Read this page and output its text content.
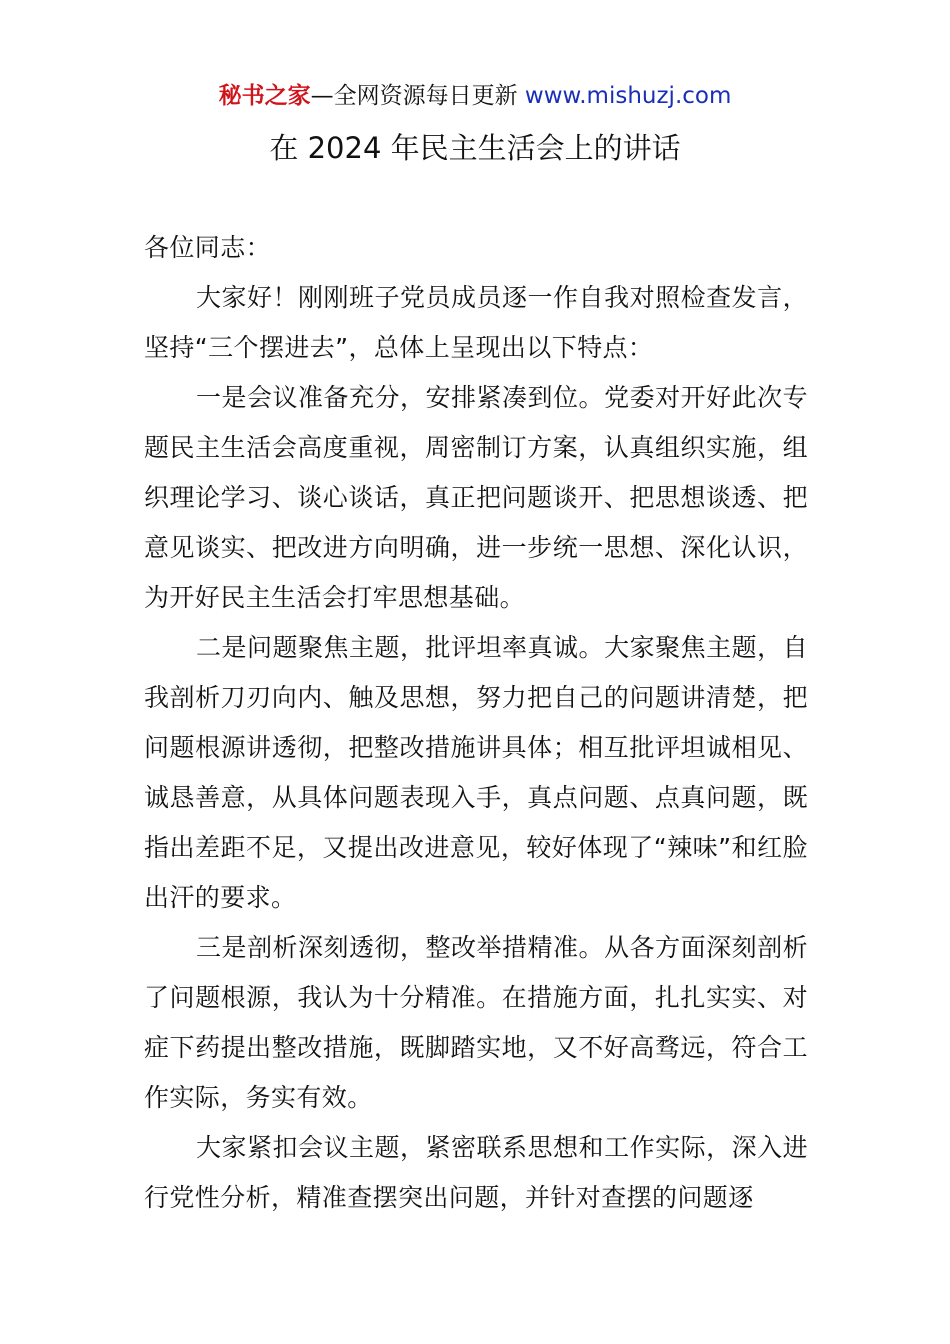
秘书之家—全网资源每日更新 www.mishuzj.com
在 2024 年民主生活会上的讲话

各位同志：

大家好！刚刚班子党员成员逐一作自我对照检查发言，坚持“三个摆进去”，总体上呈现出以下特点：

一是会议准备充分，安排紧凑到位。党委对开好此次专题民主生活会高度重视，周密制订方案，认真组织实施，组织理论学习、谈心谈话，真正把问题谈开、把思想谈透、把意见谈实、把改进方向明确，进一步统一思想、深化认识，为开好民主生活会打牢思想基础。

二是问题聚焦主题，批评坦率真诚。大家聚焦主题，自我剖析刀刃向内、触及思想，努力把自己的问题讲清楚，把问题根源讲透彻，把整改措施讲具体；相互批评坦诚相见、诚恳善意，从具体问题表现入手，真点问题、点真问题，既指出差距不足，又提出改进意见，较好体现了“辣味”和红脸出汗的要求。

三是剖析深刻透彻，整改举措精准。从各方面深刻剖析了问题根源，我认为十分精准。在措施方面，扎扎实实、对症下药提出整改措施，既脚踏实地，又不好高骛远，符合工作实际，务实有效。

大家紧扣会议主题，紧密联系思想和工作实际，深入进行党性分析，精准查摆突出问题，并针对查摆的问题逐
